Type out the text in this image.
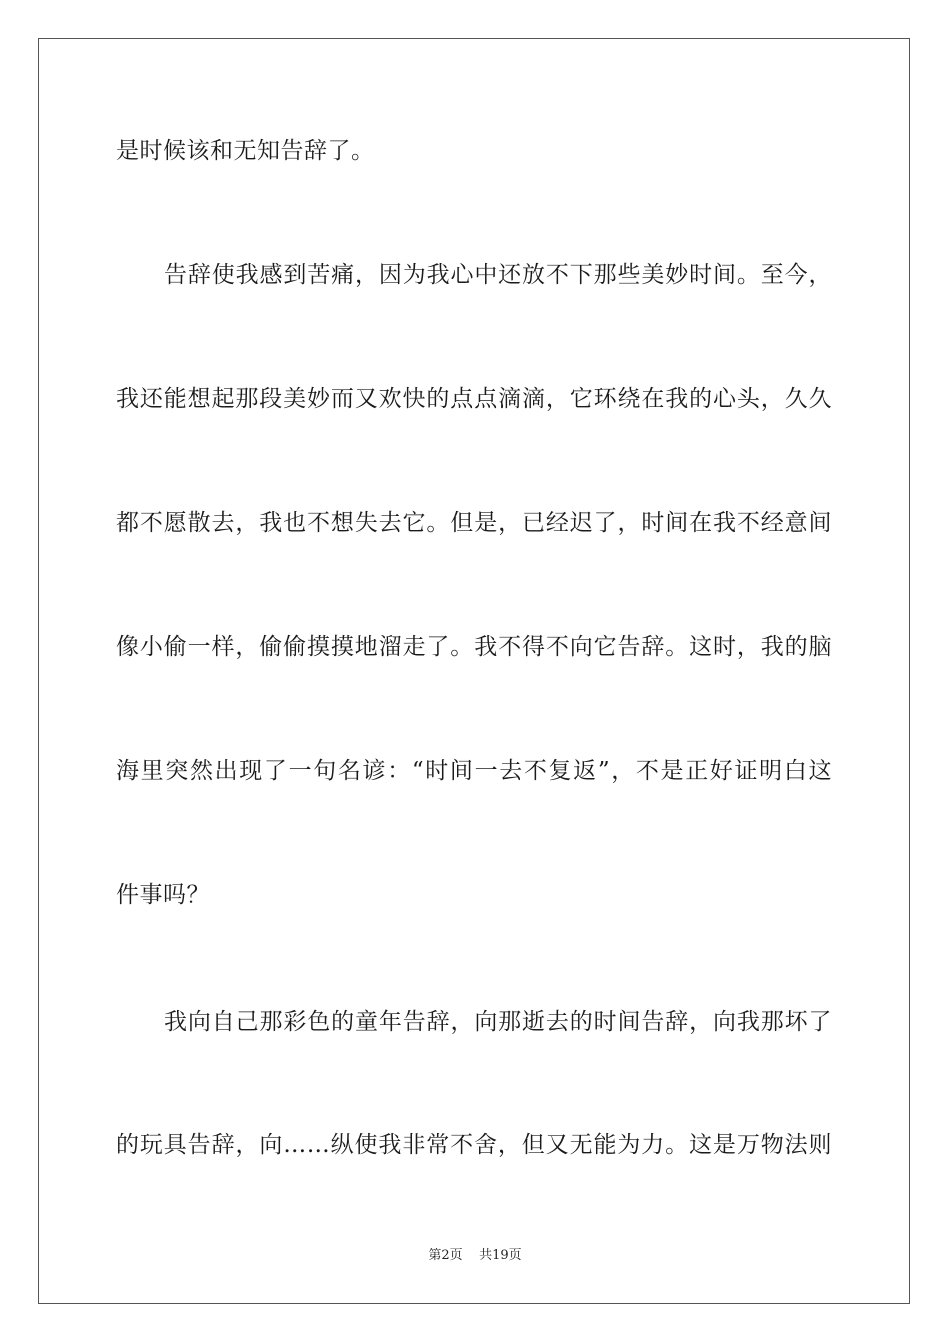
是时候该和无知告辞了。
告辞使我感到苦痛，因为我心中还放不下那些美妙时间。至今，
我还能想起那段美妙而又欢快的点点滴滴，它环绕在我的心头，久久
都不愿散去，我也不想失去它。但是，已经迟了，时间在我不经意间
像小偷一样，偷偷摸摸地溜走了。我不得不向它告辞。这时，我的脑
海里突然出现了一句名谚：“时间一去不复返”，不是正好证明白这
件事吗？
我向自己那彩色的童年告辞，向那逝去的时间告辞，向我那坏了
的玩具告辞，向……纵使我非常不舍，但又无能为力。这是万物法则
第2页 共19页
